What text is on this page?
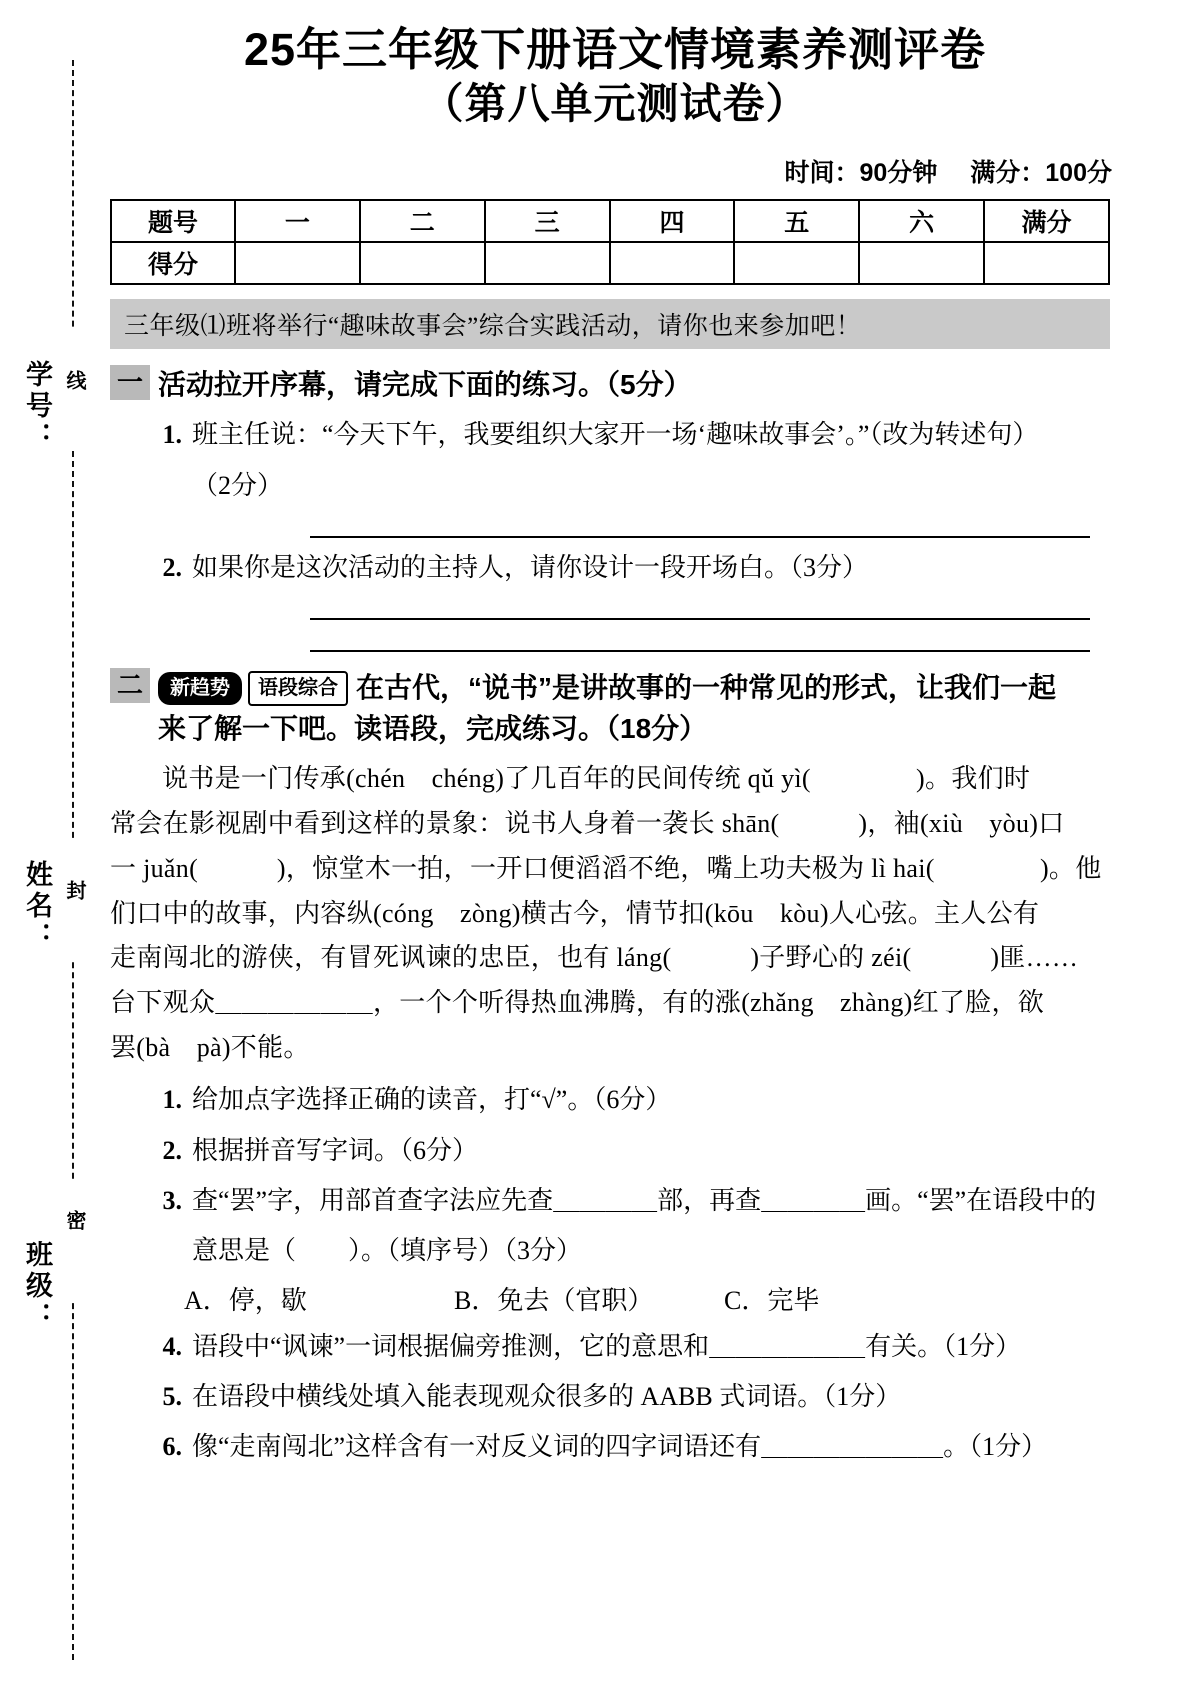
学号：
姓名：
班级：
线
封
密
25年三年级下册语文情境素养测评卷
（第八单元测试卷）
时间：90分钟 满分：100分
题号	一	二	三	四	五	六	满分
得分							
三年级⑴班将举行“趣味故事会”综合实践活动，请你也来参加吧！
一 活动拉开序幕，请完成下面的练习。（5分）
1. 班主任说：“今天下午，我要组织大家开一场‘趣味故事会’。”（改为转述句）
（2分）
2. 如果你是这次活动的主持人，请你设计一段开场白。（3分）
二	新趋势 语段综合 在古代，“说书”是讲故事的一种常见的形式，让我们一起
来了解一下吧。读语段，完成练习。（18分）

说书是一门传承(chén　chéng)了几百年的民间传统 qǔ yì(　　　　)。我们时

常会在影视剧中看到这样的景象：说书人身着一袭长 shān(　　　)，袖(xiù　yòu)口

一 juǎn(　　　)，惊堂木一拍，一开口便滔滔不绝，嘴上功夫极为 lì hai(　　　　)。他

们口中的故事，内容纵(cóng　zòng)横古今，情节扣(kōu　kòu)人心弦。主人公有

走南闯北的游侠，有冒死讽谏的忠臣，也有 láng(　　　)子野心的 zéi(　　　)匪……

台下观众＿＿＿＿＿＿，一个个听得热血沸腾，有的涨(zhǎng　zhàng)红了脸，欲

罢(bà　pà)不能。

1. 给加点字选择正确的读音，打“√”。（6分）
2. 根据拼音写字词。（6分）
3. 查“罢”字，用部首查字法应先查＿＿＿＿部，再查＿＿＿＿画。“罢”在语段中的
意思是（　　）。（填序号）（3分）
A．停，歇	B．免去（官职）	C．完毕
4. 语段中“讽谏”一词根据偏旁推测，它的意思和＿＿＿＿＿＿有关。（1分）
5. 在语段中横线处填入能表现观众很多的 AABB 式词语。（1分）
6. 像“走南闯北”这样含有一对反义词的四字词语还有＿＿＿＿＿＿＿。（1分）
